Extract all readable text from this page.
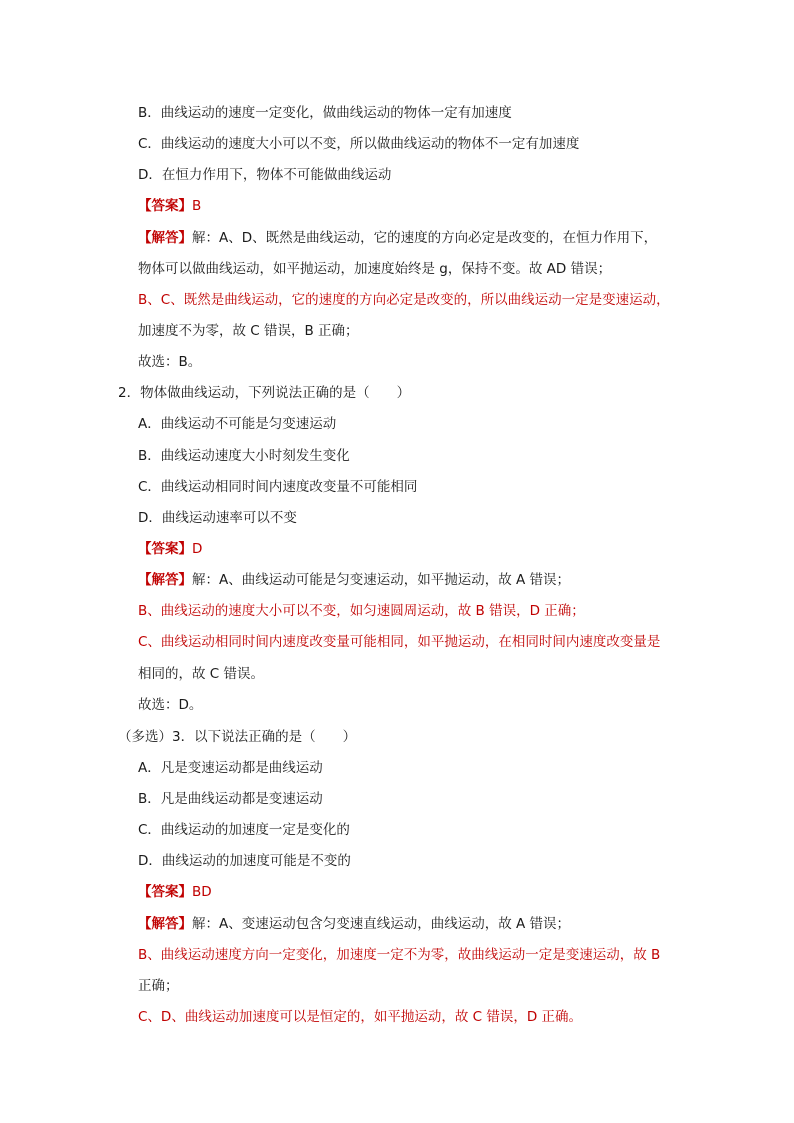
B．曲线运动的速度一定变化，做曲线运动的物体一定有加速度
C．曲线运动的速度大小可以不变，所以做曲线运动的物体不一定有加速度
D．在恒力作用下，物体不可能做曲线运动
【答案】B
【解答】解：A、D、既然是曲线运动，它的速度的方向必定是改变的，在恒力作用下，
物体可以做曲线运动，如平抛运动，加速度始终是 g，保持不变。故 AD 错误；
B、C、既然是曲线运动，它的速度的方向必定是改变的，所以曲线运动一定是变速运动，
加速度不为零，故 C 错误，B 正确；
故选：B。
2．物体做曲线运动，下列说法正确的是（　　）
A．曲线运动不可能是匀变速运动
B．曲线运动速度大小时刻发生变化
C．曲线运动相同时间内速度改变量不可能相同
D．曲线运动速率可以不变
【答案】D
【解答】解：A、曲线运动可能是匀变速运动，如平抛运动，故 A 错误；
B、曲线运动的速度大小可以不变，如匀速圆周运动，故 B 错误，D 正确；
C、曲线运动相同时间内速度改变量可能相同，如平抛运动，在相同时间内速度改变量是
相同的，故 C 错误。
故选：D。
（多选）3．以下说法正确的是（　　）
A．凡是变速运动都是曲线运动
B．凡是曲线运动都是变速运动
C．曲线运动的加速度一定是变化的
D．曲线运动的加速度可能是不变的
【答案】BD
【解答】解：A、变速运动包含匀变速直线运动，曲线运动，故 A 错误；
B、曲线运动速度方向一定变化，加速度一定不为零，故曲线运动一定是变速运动，故 B
正确；
C、D、曲线运动加速度可以是恒定的，如平抛运动，故 C 错误，D 正确。
